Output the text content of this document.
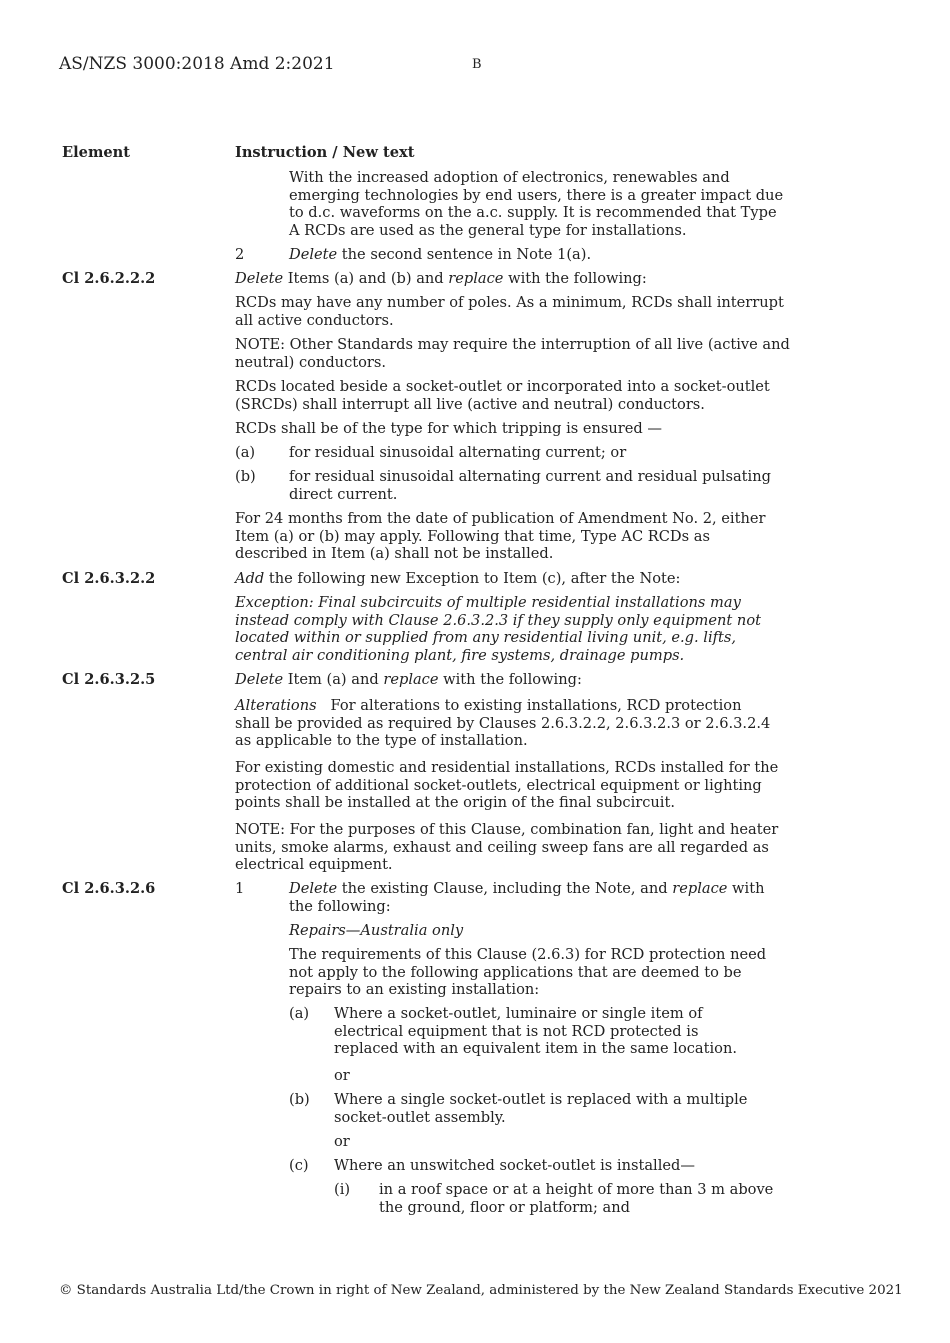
AS/NZS 3000:2018 Amd 2:2021	B
Element	Instruction / New text
With the increased adoption of electronics, renewables and emerging technologies by end users, there is a greater impact due to d.c. waveforms on the a.c. supply. It is recommended that Type A RCDs are used as the general type for installations.
2	Delete the second sentence in Note 1(a).
Cl 2.6.2.2.2	Delete Items (a) and (b) and replace with the following:
RCDs may have any number of poles. As a minimum, RCDs shall interrupt all active conductors.
NOTE: Other Standards may require the interruption of all live (active and neutral) conductors.
RCDs located beside a socket-outlet or incorporated into a socket-outlet (SRCDs) shall interrupt all live (active and neutral) conductors.
RCDs shall be of the type for which tripping is ensured —
(a) for residual sinusoidal alternating current; or
(b) for residual sinusoidal alternating current and residual pulsating direct current.
For 24 months from the date of publication of Amendment No. 2, either Item (a) or (b) may apply. Following that time, Type AC RCDs as described in Item (a) shall not be installed.
Cl 2.6.3.2.2	Add the following new Exception to Item (c), after the Note:
Exception: Final subcircuits of multiple residential installations may instead comply with Clause 2.6.3.2.3 if they supply only equipment not located within or supplied from any residential living unit, e.g. lifts, central air conditioning plant, fire systems, drainage pumps.
Cl 2.6.3.2.5	Delete Item (a) and replace with the following:
Alterations   For alterations to existing installations, RCD protection shall be provided as required by Clauses 2.6.3.2.2, 2.6.3.2.3 or 2.6.3.2.4 as applicable to the type of installation.
For existing domestic and residential installations, RCDs installed for the protection of additional socket-outlets, electrical equipment or lighting points shall be installed at the origin of the final subcircuit.
NOTE: For the purposes of this Clause, combination fan, light and heater units, smoke alarms, exhaust and ceiling sweep fans are all regarded as electrical equipment.
Cl 2.6.3.2.6	1	Delete the existing Clause, including the Note, and replace with the following:
Repairs—Australia only
The requirements of this Clause (2.6.3) for RCD protection need not apply to the following applications that are deemed to be repairs to an existing installation:
(a) Where a socket-outlet, luminaire or single item of electrical equipment that is not RCD protected is replaced with an equivalent item in the same location.
or
(b) Where a single socket-outlet is replaced with a multiple socket-outlet assembly.
or
(c) Where an unswitched socket-outlet is installed—
(i) in a roof space or at a height of more than 3 m above the ground, floor or platform; and
© Standards Australia Ltd/the Crown in right of New Zealand, administered by the New Zealand Standards Executive 2021
